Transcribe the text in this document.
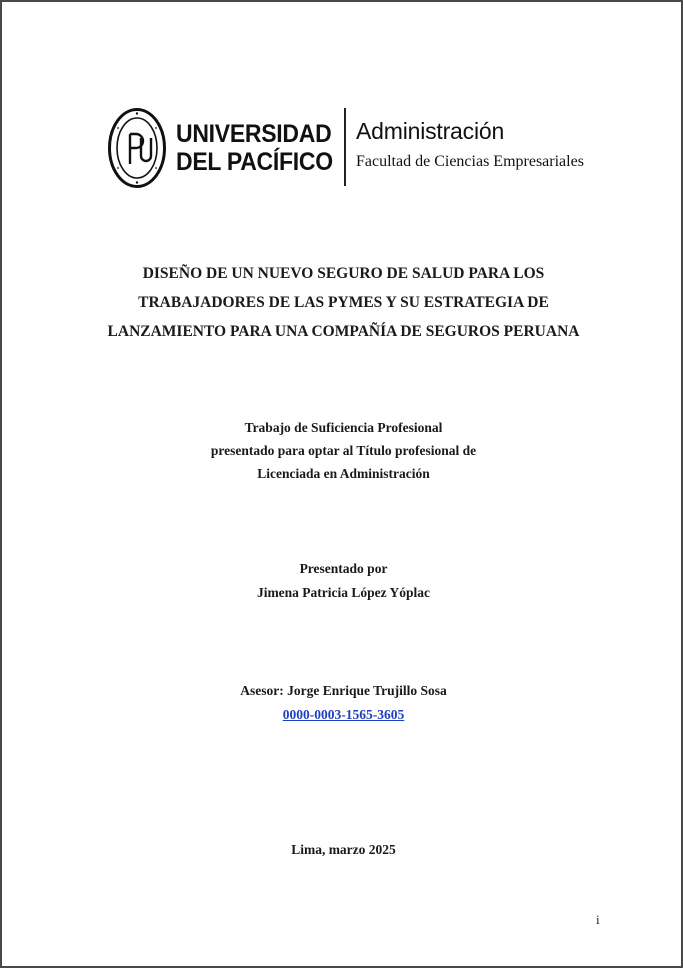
UNIVERSIDAD
DEL PACÍFICO
Administración
Facultad de Ciencias Empresariales
DISEÑO DE UN NUEVO SEGURO DE SALUD PARA LOS
TRABAJADORES DE LAS PYMES Y SU ESTRATEGIA DE
LANZAMIENTO PARA UNA COMPAÑÍA DE SEGUROS PERUANA
Trabajo de Suficiencia Profesional
presentado para optar al Título profesional de
Licenciada en Administración
Presentado por
Jimena Patricia López Yóplac
Asesor: Jorge Enrique Trujillo Sosa
0000-0003-1565-3605
Lima, marzo 2025
i
